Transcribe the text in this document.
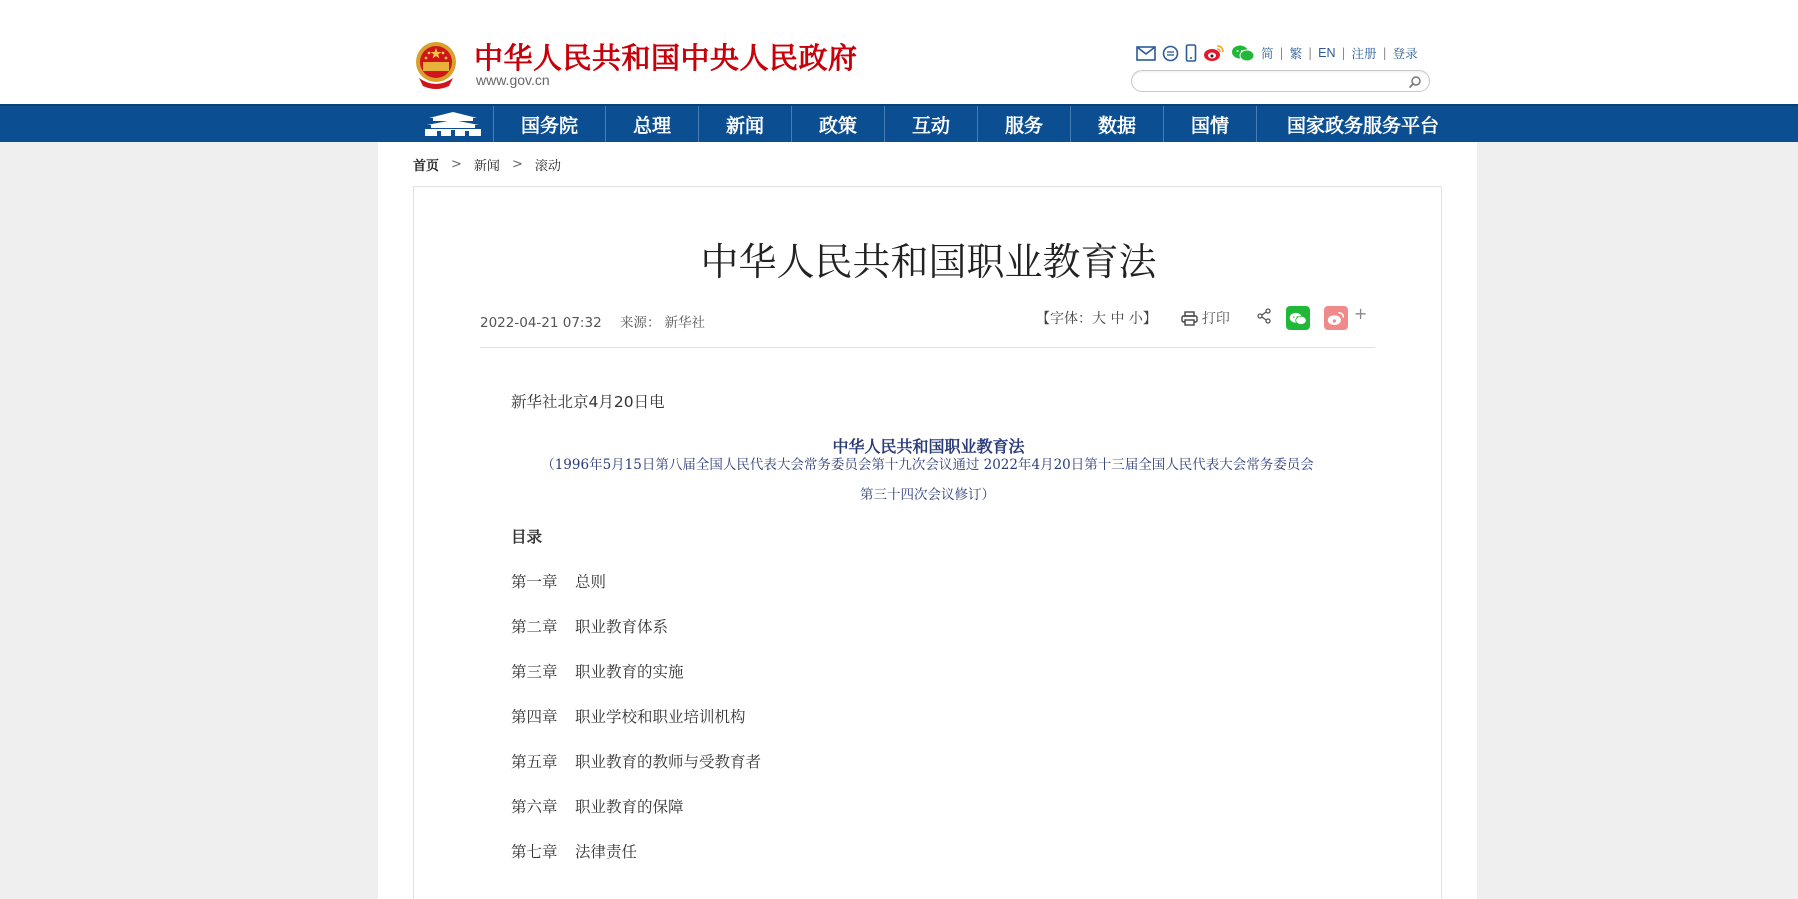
中华人民共和国中央人民政府
www.gov.cn
简 | 繁 | EN | 注册 | 登录
国务院	总理	新闻	政策	互动	服务	数据	国情	国家政务服务平台
首页 > 新闻 > 滚动
中华人民共和国职业教育法
2022-04-21 07:32 来源： 新华社	【字体：大 中 小】	打印	+
新华社北京4月20日电
中华人民共和国职业教育法
（1996年5月15日第八届全国人民代表大会常务委员会第十九次会议通过 2022年4月20日第十三届全国人民代表大会常务委员会
第三十四次会议修订）
目录
第一章 总则
第二章 职业教育体系
第三章 职业教育的实施
第四章 职业学校和职业培训机构
第五章 职业教育的教师与受教育者
第六章 职业教育的保障
第七章 法律责任
